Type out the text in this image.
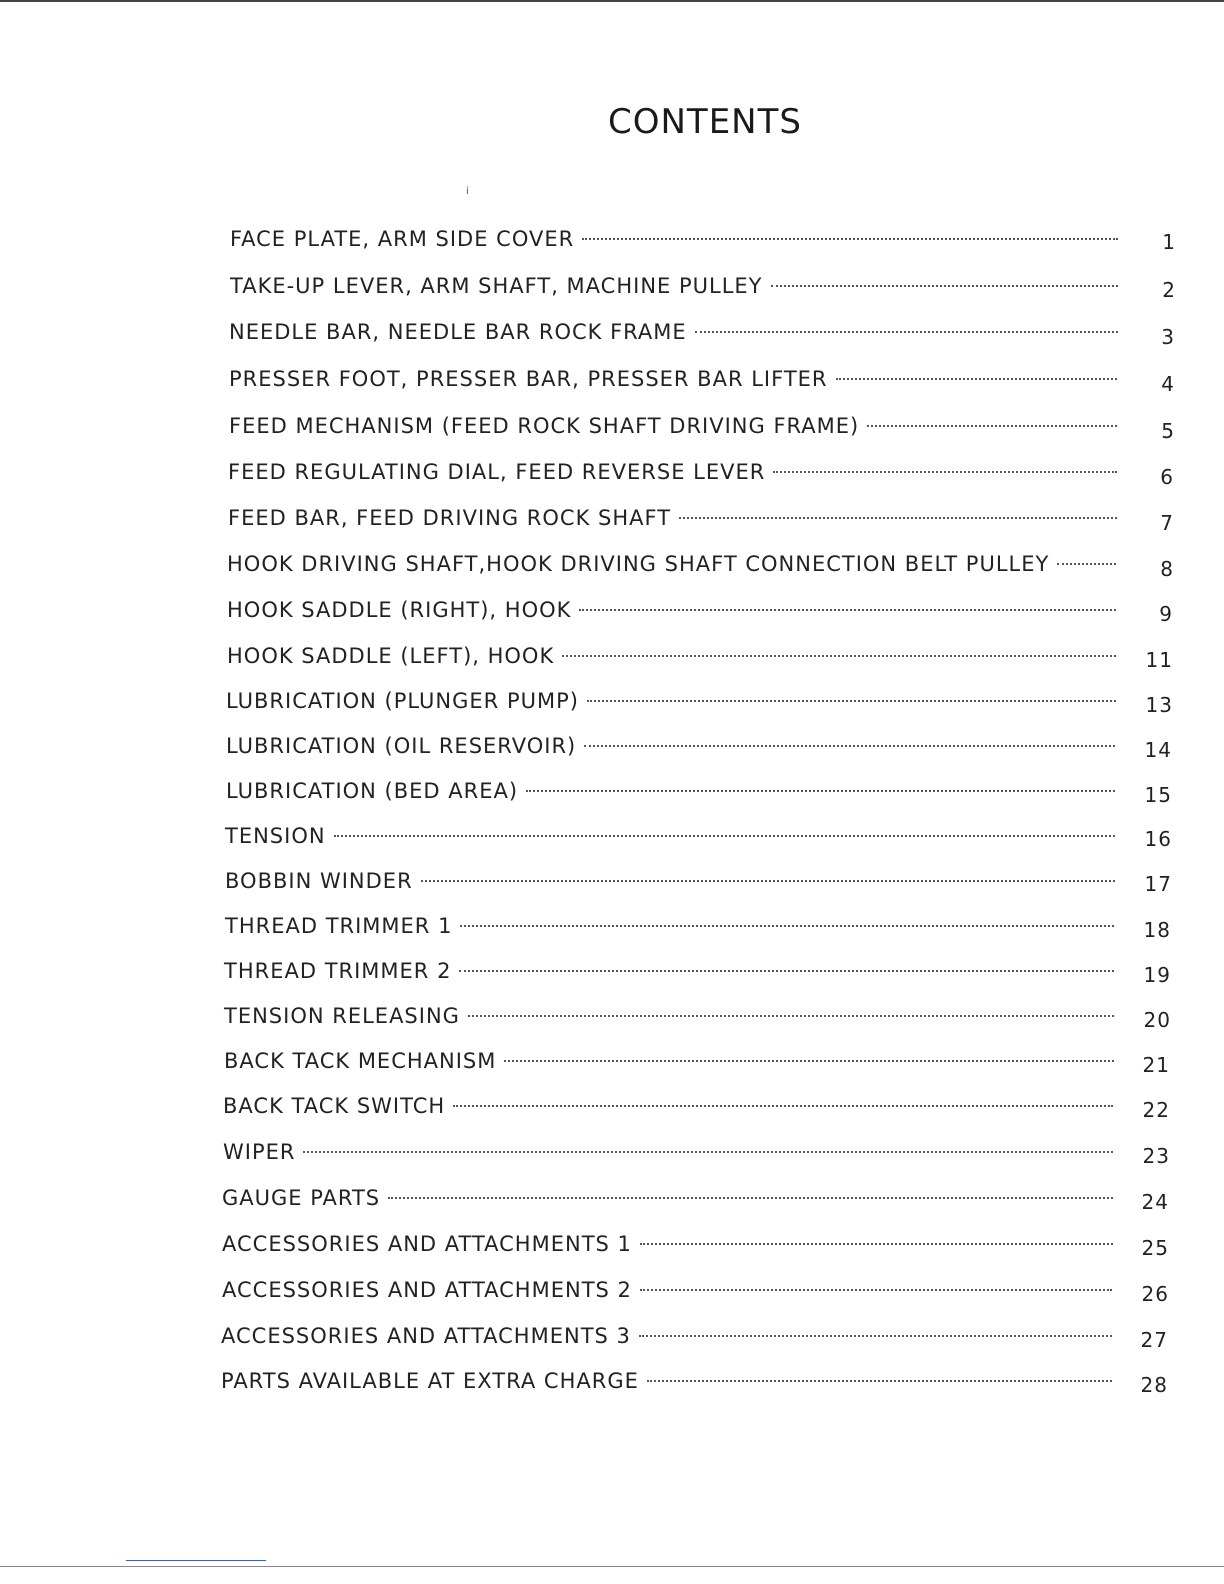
CONTENTS
i
FACE PLATE, ARM SIDE COVER	1
TAKE-UP LEVER, ARM SHAFT, MACHINE PULLEY	2
NEEDLE BAR, NEEDLE BAR ROCK FRAME	3
PRESSER FOOT, PRESSER BAR, PRESSER BAR LIFTER	4
FEED MECHANISM (FEED ROCK SHAFT DRIVING FRAME)	5
FEED REGULATING DIAL, FEED REVERSE LEVER	6
FEED BAR, FEED DRIVING ROCK SHAFT	7
HOOK DRIVING SHAFT,HOOK DRIVING SHAFT CONNECTION BELT PULLEY	8
HOOK SADDLE (RIGHT), HOOK	9
HOOK SADDLE (LEFT), HOOK	11
LUBRICATION (PLUNGER PUMP)	13
LUBRICATION (OIL RESERVOIR)	14
LUBRICATION (BED AREA)	15
TENSION	16
BOBBIN WINDER	17
THREAD TRIMMER 1	18
THREAD TRIMMER 2	19
TENSION RELEASING	20
BACK TACK MECHANISM	21
BACK TACK SWITCH	22
WIPER	23
GAUGE PARTS	24
ACCESSORIES AND ATTACHMENTS 1	25
ACCESSORIES AND ATTACHMENTS 2	26
ACCESSORIES AND ATTACHMENTS 3	27
PARTS AVAILABLE AT EXTRA CHARGE	28
